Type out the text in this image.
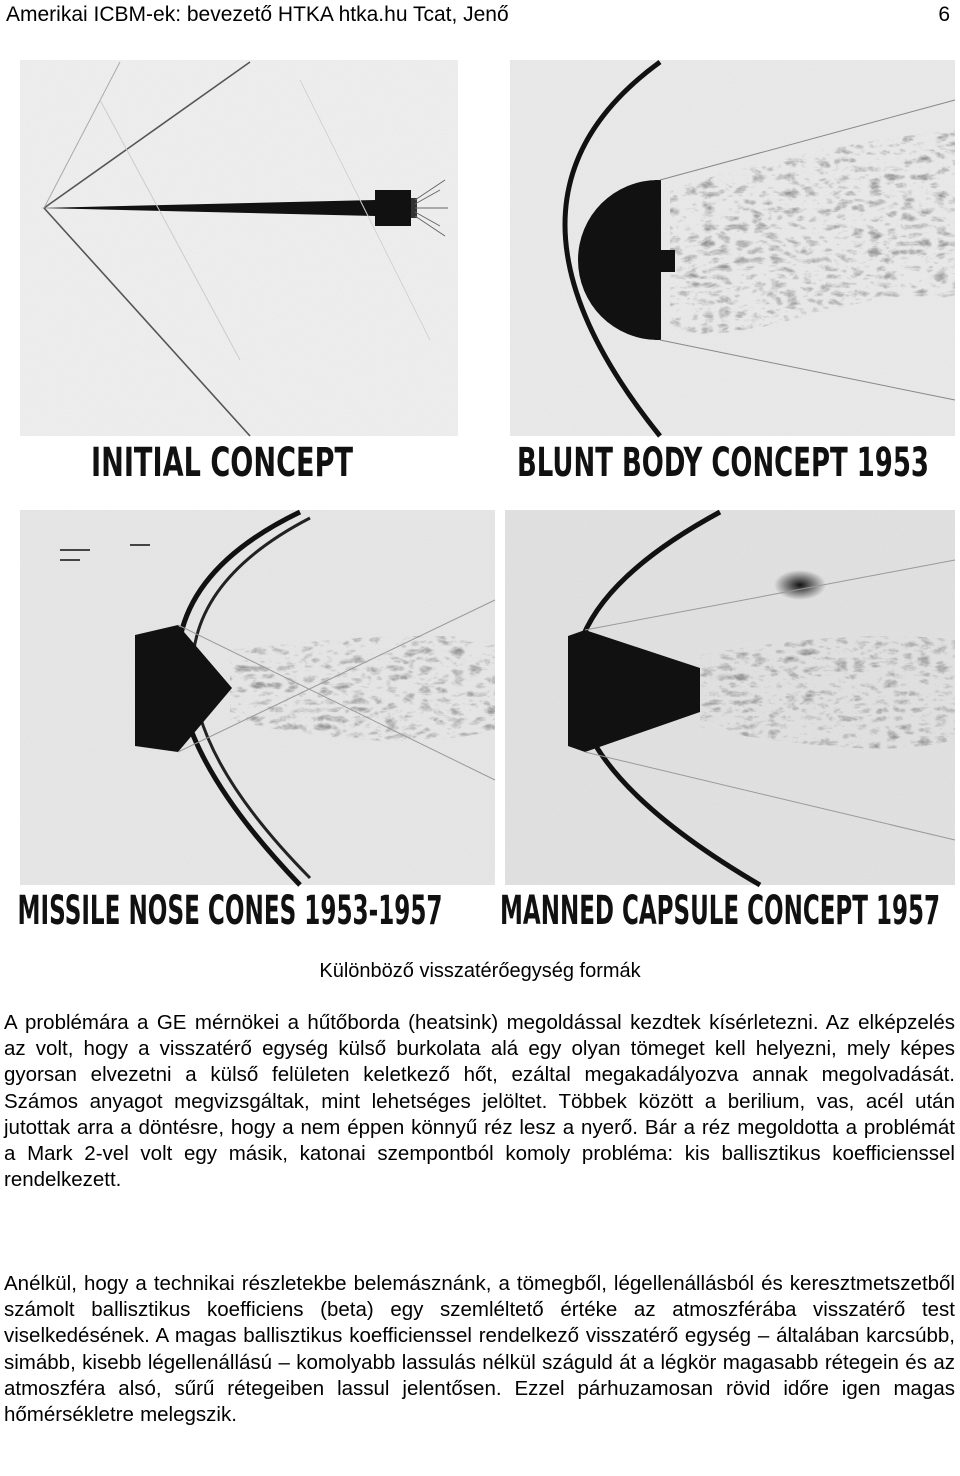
Amerikai ICBM-ek: bevezető HTKA htka.hu Tcat, Jenő	6
INITIAL CONCEPT	BLUNT BODY CONCEPT 1953
MISSILE NOSE CONES 1953-1957 MANNED CAPSULE CONCEPT 1957
Különböző visszatérőegység formák

A problémára a GE mérnökei a hűtőborda (heatsink) megoldással kezdtek kísérletezni. Az elképzelés az volt, hogy a visszatérő egység külső burkolata alá egy olyan tömeget kell helyezni, mely képes gyorsan elvezetni a külső felületen keletkező hőt, ezáltal megakadályozva annak megolvadását. Számos anyagot megvizsgáltak, mint lehetséges jelöltet. Többek között a berilium, vas, acél után jutottak arra a döntésre, hogy a nem éppen könnyű réz lesz a nyerő. Bár a réz megoldotta a problémát a Mark 2-vel volt egy másik, katonai szempontból komoly probléma: kis ballisztikus koefficienssel rendelkezett.

Anélkül, hogy a technikai részletekbe belemásznánk, a tömegből, légellenállásból és keresztmetszetből számolt ballisztikus koefficiens (beta) egy szemléltető értéke az atmoszférába visszatérő test viselkedésének. A magas ballisztikus koefficienssel rendelkező visszatérő egység – általában karcsúbb, simább, kisebb légellenállású – komolyabb lassulás nélkül száguld át a légkör magasabb rétegein és az atmoszféra alsó, sűrű rétegeiben lassul jelentősen. Ezzel párhuzamosan rövid időre igen magas hőmérsékletre melegszik.
